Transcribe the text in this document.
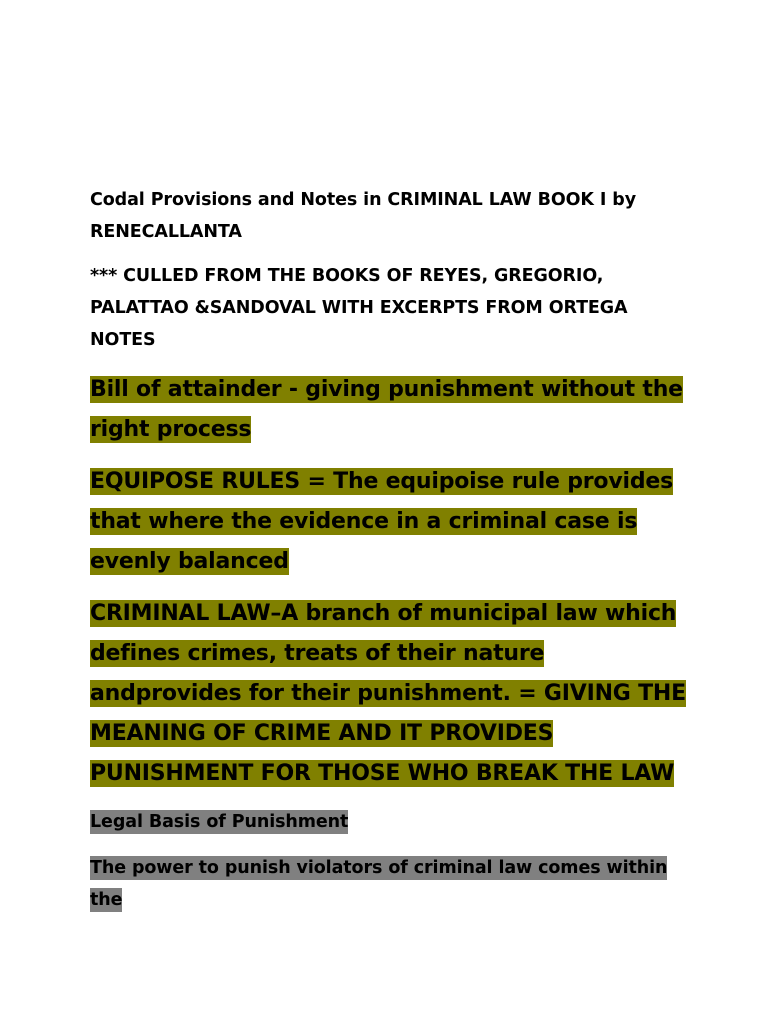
Codal Provisions and Notes in CRIMINAL LAW BOOK I by RENECALLANTA

*** CULLED FROM THE BOOKS OF REYES, GREGORIO, PALATTAO &SANDOVAL WITH EXCERPTS FROM ORTEGA NOTES

Bill of attainder - giving punishment without the right process

EQUIPOSE RULES = The equipoise rule provides that where the evidence in a criminal case is evenly balanced

CRIMINAL LAW–A branch of municipal law which defines crimes, treats of their nature andprovides for their punishment. = GIVING THE MEANING OF CRIME AND IT PROVIDES PUNISHMENT FOR THOSE WHO BREAK THE LAW

Legal Basis of Punishment

The power to punish violators of criminal law comes within the
